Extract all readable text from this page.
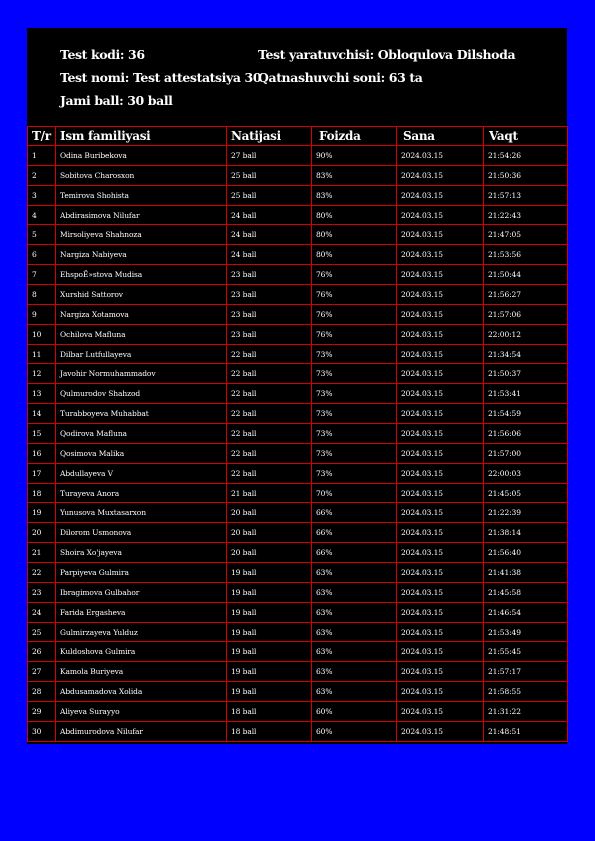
Test kodi: 36
Test nomi: Test attestatsiya 30
Jami ball: 30 ball
Test yaratuvchisi: Obloqulova Dilshoda
Qatnashuvchi soni: 63 ta
T/r	Ism familiyasi	Natijasi	Foizda	Sana	Vaqt
1	Odina Buribekova	27 ball	90%	2024.03.15	21:54:26
2	Sobitova Charosxon	25 ball	83%	2024.03.15	21:50:36
3	Temirova Shohista	25 ball	83%	2024.03.15	21:57:13
4	Abdirasimova Nilufar	24 ball	80%	2024.03.15	21:22:43
5	Mirsoliyeva Shahnoza	24 ball	80%	2024.03.15	21:47:05
6	Nargiza Nabiyeva	24 ball	80%	2024.03.15	21:53:56
7	EhspoЁ»stova Mudisa	23 ball	76%	2024.03.15	21:50:44
8	Xurshid Sattorov	23 ball	76%	2024.03.15	21:56:27
9	Nargiza Xotamova	23 ball	76%	2024.03.15	21:57:06
10	Ochilova Mafluna	23 ball	76%	2024.03.15	22:00:12
11	Dilbar Lutfullayeva	22 ball	73%	2024.03.15	21:34:54
12	Javohir Normuhammadov	22 ball	73%	2024.03.15	21:50:37
13	Qulmurodov Shahzod	22 ball	73%	2024.03.15	21:53:41
14	Turabboyeva Muhabbat	22 ball	73%	2024.03.15	21:54:59
15	Qodirova Mafluna	22 ball	73%	2024.03.15	21:56:06
16	Qosimova Malika	22 ball	73%	2024.03.15	21:57:00
17	Abdullayeva V	22 ball	73%	2024.03.15	22:00:03
18	Turayeva Anora	21 ball	70%	2024.03.15	21:45:05
19	Yunusova Muxtasarxon	20 ball	66%	2024.03.15	21:22:39
20	Dilorom Usmonova	20 ball	66%	2024.03.15	21:38:14
21	Shoira Xo'jayeva	20 ball	66%	2024.03.15	21:56:40
22	Parpiyeva Gulmira	19 ball	63%	2024.03.15	21:41:38
23	Ibragimova Gulbahor	19 ball	63%	2024.03.15	21:45:58
24	Farida Ergasheva	19 ball	63%	2024.03.15	21:46:54
25	Gulmirzayeva Yulduz	19 ball	63%	2024.03.15	21:53:49
26	Kuldoshova Gulmira	19 ball	63%	2024.03.15	21:55:45
27	Kamola Buriyeva	19 ball	63%	2024.03.15	21:57:17
28	Abdusamadova Xolida	19 ball	63%	2024.03.15	21:58:55
29	Aliyeva Surayyo	18 ball	60%	2024.03.15	21:31:22
30	Abdimurodova Nilufar	18 ball	60%	2024.03.15	21:48:51
